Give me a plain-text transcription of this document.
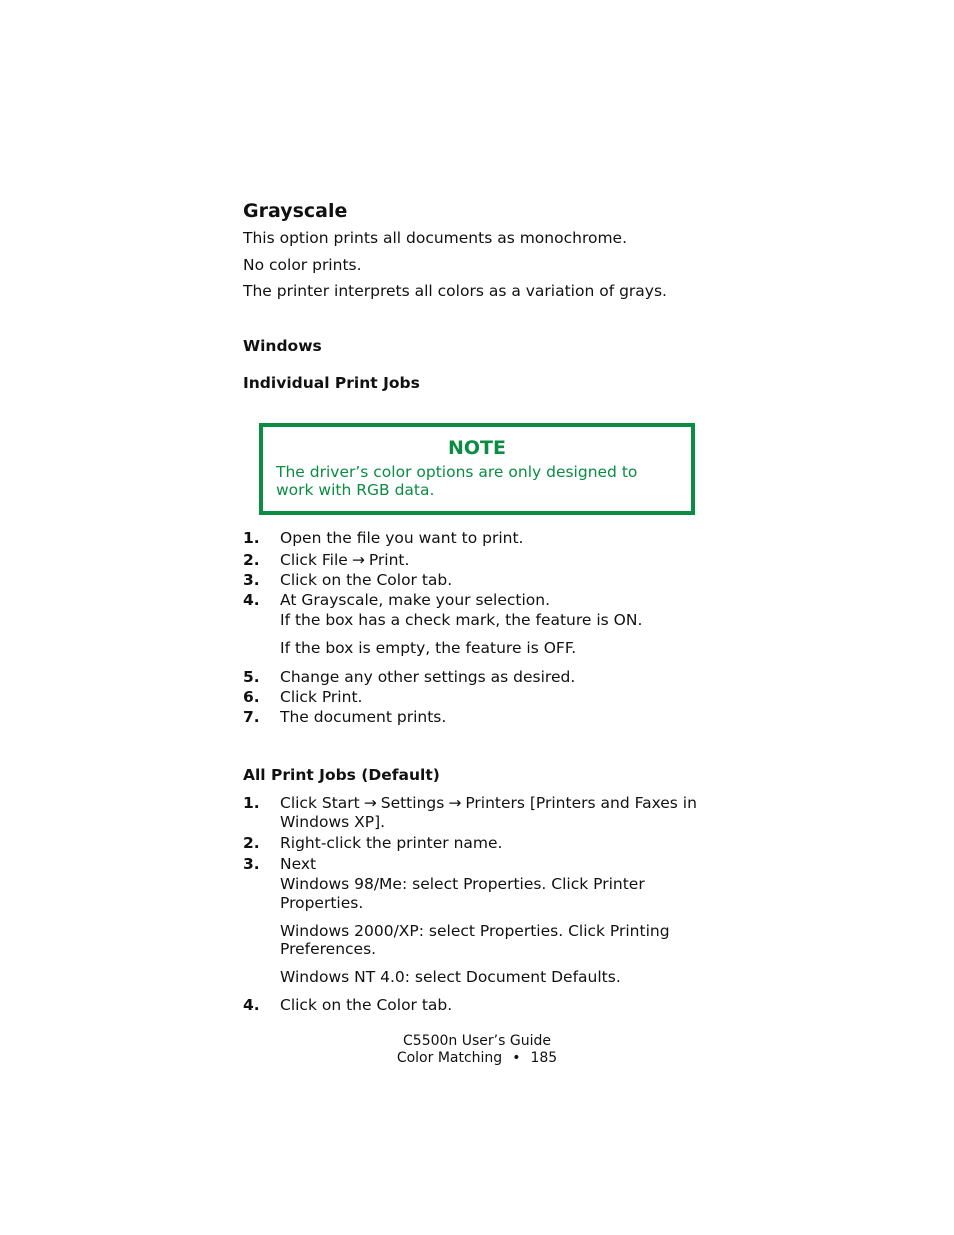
Grayscale
This option prints all documents as monochrome.
No color prints.
The printer interprets all colors as a variation of grays.
Windows
Individual Print Jobs
NOTE
The driver’s color options are only designed to
work with RGB data.
1. Open the file you want to print.
2. Click File → Print.
3. Click on the Color tab.
4. At Grayscale, make your selection.
If the box has a check mark, the feature is ON.
If the box is empty, the feature is OFF.
5. Change any other settings as desired.
6. Click Print.
7. The document prints.
All Print Jobs (Default)
1. Click Start → Settings → Printers [Printers and Faxes in
Windows XP].
2. Right-click the printer name.
3. Next
Windows 98/Me: select Properties. Click Printer
Properties.
Windows 2000/XP: select Properties. Click Printing
Preferences.
Windows NT 4.0: select Document Defaults.
4. Click on the Color tab.
C5500n User’s Guide
Color Matching • 185
